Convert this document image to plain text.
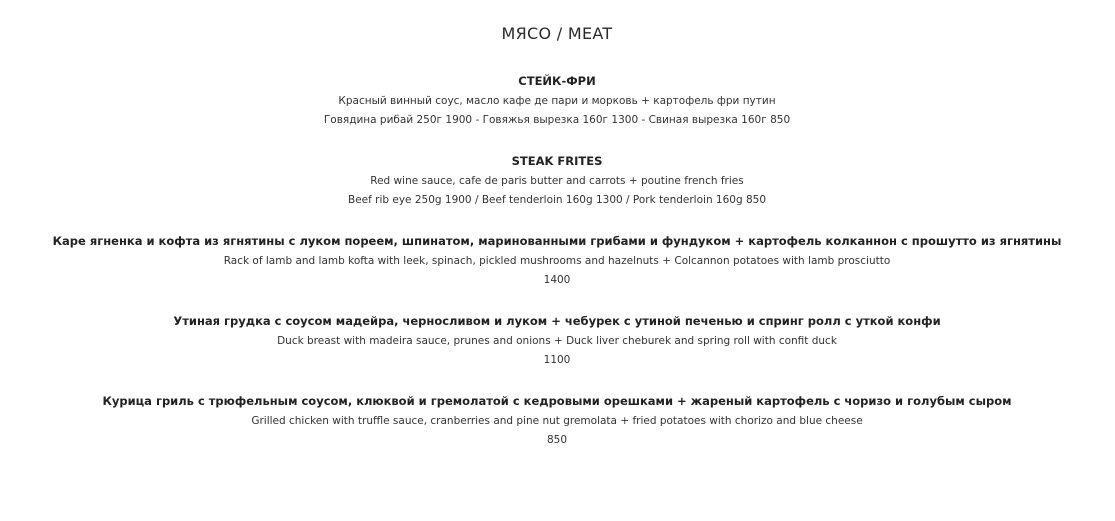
МЯСО / MEAT
СТЕЙК-ФРИ
Красный винный соус, масло кафе де пари и морковь + картофель фри путин
Говядина рибай 250г 1900 - Говяжья вырезка 160г 1300 - Свиная вырезка 160г 850
STEAK FRITES
Red wine sauce, cafe de paris butter and carrots + poutine french fries
Beef rib eye 250g 1900 / Beef tenderloin 160g 1300 / Pork tenderloin 160g 850
Каре ягненка и кофта из ягнятины с луком пореем, шпинатом, маринованными грибами и фундуком + картофель колканнон с прошутто из ягнятины
Rack of lamb and lamb kofta with leek, spinach, pickled mushrooms and hazelnuts + Colcannon potatoes with lamb prosciutto
1400
Утиная грудка с соусом мадейра, черносливом и луком + чебурек с утиной печенью и спринг ролл с уткой конфи
Duck breast with madeira sauce, prunes and onions + Duck liver cheburek and spring roll with confit duck
1100
Курица гриль с трюфельным соусом, клюквой и гремолатой с кедровыми орешками + жареный картофель с чоризо и голубым сыром
Grilled chicken with truffle sauce, cranberries and pine nut gremolata + fried potatoes with chorizo and blue cheese
850
